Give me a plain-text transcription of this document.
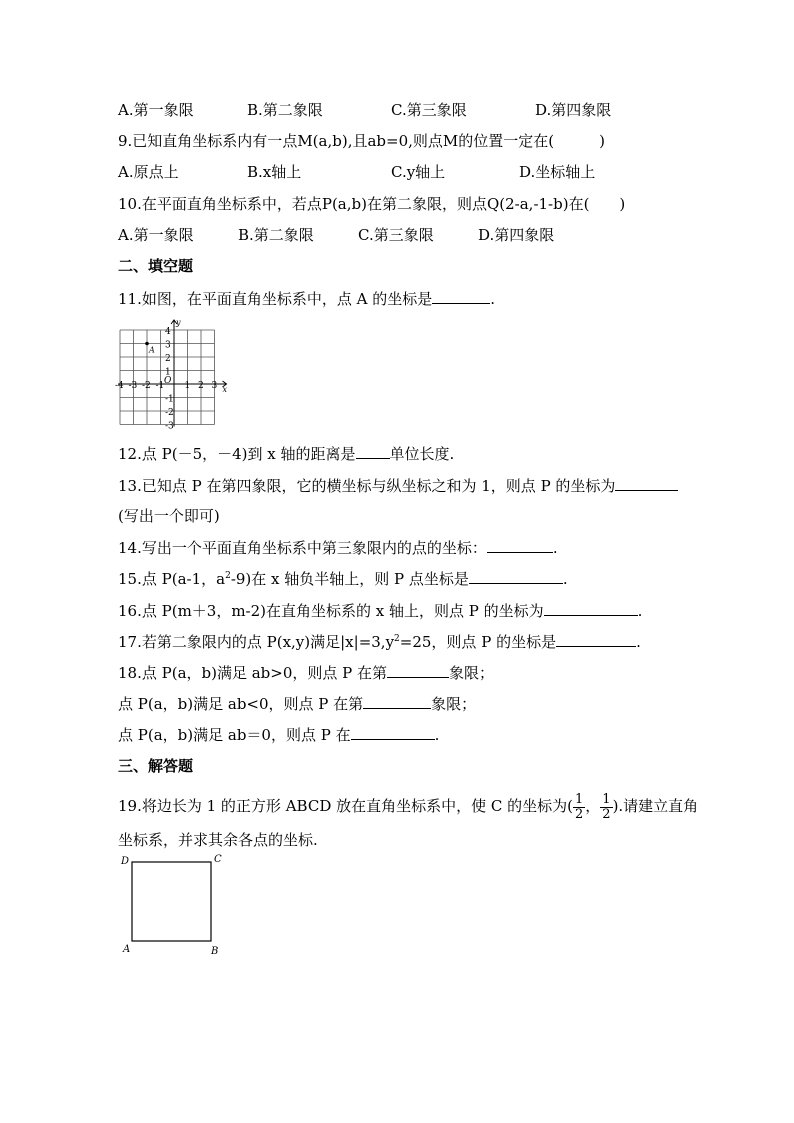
A.第一象限	B.第二象限	C.第三象限	D.第四象限
9.已知直角坐标系内有一点M(a,b),且ab=0,则点M的位置一定在(　　　)
A.原点上	B.x轴上	C.y轴上	D.坐标轴上
10.在平面直角坐标系中，若点P(a,b)在第二象限，则点Q(2-a,-1-b)在(　　)
A.第一象限	B.第二象限	C.第三象限	D.第四象限
二、填空题
11.如图，在平面直角坐标系中，点 A 的坐标是	.
x
y
O
-4 -3 -2 -1 1 2 3
4
3
2
1
-1
-2
-3
A
12.点 P(－5，－4)到 x 轴的距离是 单位长度.
13.已知点 P 在第四象限，它的横坐标与纵坐标之和为 1，则点 P 的坐标为
(写出一个即可)
14.写出一个平面直角坐标系中第三象限内的点的坐标：	.
15.点 P(a-1，$a^2-9$)在 x 轴负半轴上，则 P 点坐标是	.
16.点 P(m＋3，m-2)在直角坐标系的 x 轴上，则点 P 的坐标为	.
17.若第二象限内的点 P(x,y)满足$|x|=3,y^2=25$，则点 P 的坐标是	.
18.点 P(a，b)满足 ab>0，则点 P 在第	象限；
点 P(a，b)满足 ab<0，则点 P 在第	象限；
点 P(a，b)满足 ab＝0，则点 P 在	.
三、解答题
19.将边长为 1 的正方形 ABCD 放在直角坐标系中，使 C 的坐标为( $\frac{1}{2}$ ， $\frac{1}{2}$ ).请建立直角
坐标系，并求其余各点的坐标.
D	C
A	B
